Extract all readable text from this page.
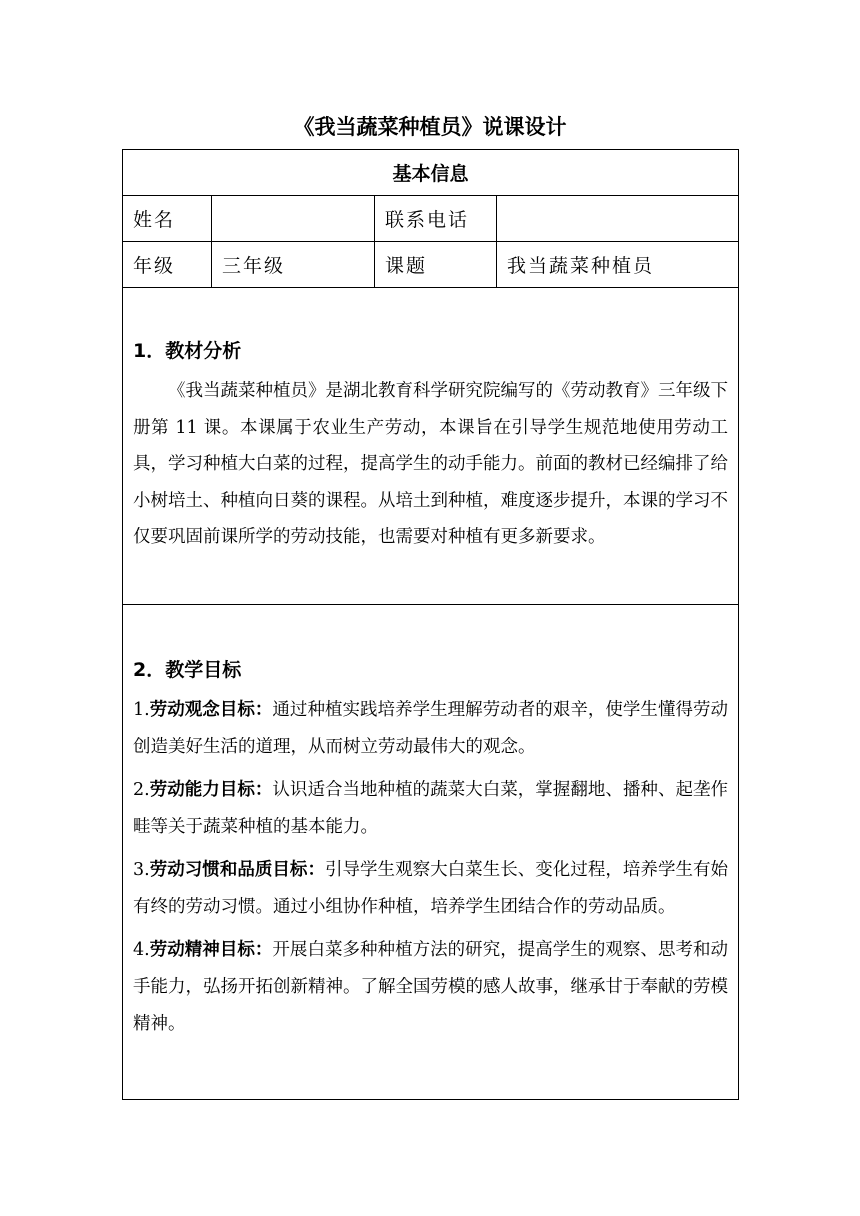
《我当蔬菜种植员》说课设计
基本信息			
姓名		联系电话	
年级	三年级	课题	我当蔬菜种植员

1．教材分析

《我当蔬菜种植员》是湖北教育科学研究院编写的《劳动教育》三年级下册第 11 课。本课属于农业生产劳动，本课旨在引导学生规范地使用劳动工具，学习种植大白菜的过程，提高学生的动手能力。前面的教材已经编排了给小树培土、种植向日葵的课程。从培土到种植，难度逐步提升，本课的学习不仅要巩固前课所学的劳动技能，也需要对种植有更多新要求。			

2．教学目标

1.劳动观念目标：通过种植实践培养学生理解劳动者的艰辛，使学生懂得劳动创造美好生活的道理，从而树立劳动最伟大的观念。

2.劳动能力目标：认识适合当地种植的蔬菜大白菜，掌握翻地、播种、起垄作畦等关于蔬菜种植的基本能力。

3.劳动习惯和品质目标：引导学生观察大白菜生长、变化过程，培养学生有始有终的劳动习惯。通过小组协作种植，培养学生团结合作的劳动品质。

4.劳动精神目标：开展白菜多种种植方法的研究，提高学生的观察、思考和动手能力，弘扬开拓创新精神。了解全国劳模的感人故事，继承甘于奉献的劳模精神。			
